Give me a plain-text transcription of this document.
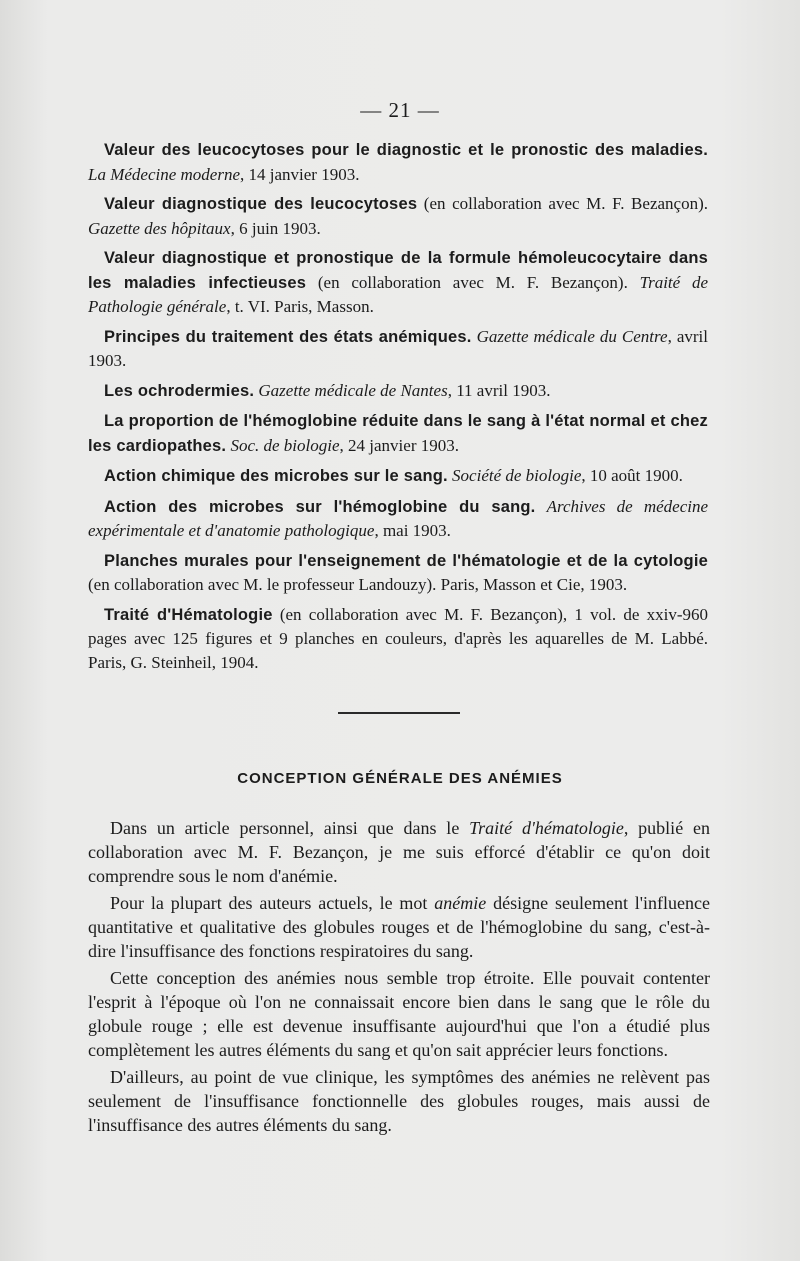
— 21 —

Valeur des leucocytoses pour le diagnostic et le pronostic des maladies. La Médecine moderne, 14 janvier 1903.

Valeur diagnostique des leucocytoses (en collaboration avec M. F. Bezançon). Gazette des hôpitaux, 6 juin 1903.

Valeur diagnostique et pronostique de la formule hémoleucocytaire dans les maladies infectieuses (en collaboration avec M. F. Bezançon). Traité de Pathologie générale, t. VI. Paris, Masson.

Principes du traitement des états anémiques. Gazette médicale du Centre, avril 1903.

Les ochrodermies. Gazette médicale de Nantes, 11 avril 1903.

La proportion de l'hémoglobine réduite dans le sang à l'état normal et chez les cardiopathes. Soc. de biologie, 24 janvier 1903.

Action chimique des microbes sur le sang. Société de biologie, 10 août 1900.

Action des microbes sur l'hémoglobine du sang. Archives de médecine expérimentale et d'anatomie pathologique, mai 1903.

Planches murales pour l'enseignement de l'hématologie et de la cytologie (en collaboration avec M. le professeur Landouzy). Paris, Masson et Cie, 1903.

Traité d'Hématologie (en collaboration avec M. F. Bezançon), 1 vol. de xxiv-960 pages avec 125 figures et 9 planches en couleurs, d'après les aquarelles de M. Labbé. Paris, G. Steinheil, 1904.

CONCEPTION GÉNÉRALE DES ANÉMIES

Dans un article personnel, ainsi que dans le Traité d'hématologie, publié en collaboration avec M. F. Bezançon, je me suis efforcé d'établir ce qu'on doit comprendre sous le nom d'anémie.

Pour la plupart des auteurs actuels, le mot anémie désigne seulement l'influence quantitative et qualitative des globules rouges et de l'hémoglobine du sang, c'est-à-dire l'insuffisance des fonctions respiratoires du sang.

Cette conception des anémies nous semble trop étroite. Elle pouvait contenter l'esprit à l'époque où l'on ne connaissait encore bien dans le sang que le rôle du globule rouge ; elle est devenue insuffisante aujourd'hui que l'on a étudié plus complètement les autres éléments du sang et qu'on sait apprécier leurs fonctions.

D'ailleurs, au point de vue clinique, les symptômes des anémies ne relèvent pas seulement de l'insuffisance fonctionnelle des globules rouges, mais aussi de l'insuffisance des autres éléments du sang.
